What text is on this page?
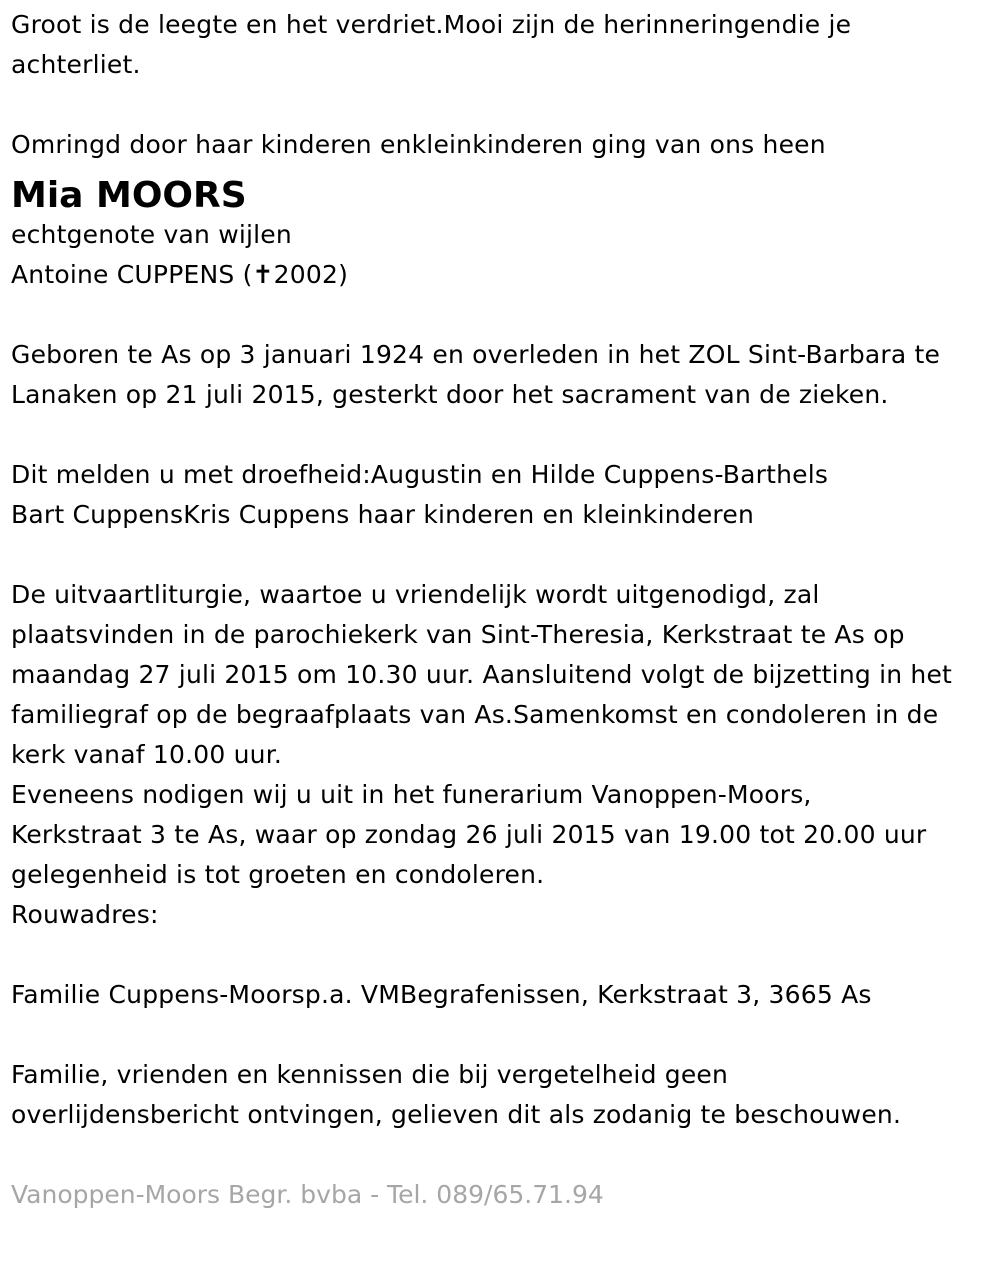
Groot is de leegte en het verdriet.Mooi zijn de herinneringendie je
achterliet.
Omringd door haar kinderen enkleinkinderen ging van ons heen
Mia MOORS
echtgenote van wijlen
Antoine CUPPENS (✝2002)
Geboren te As op 3 januari 1924 en overleden in het ZOL Sint-Barbara te
Lanaken op 21 juli 2015, gesterkt door het sacrament van de zieken.
Dit melden u met droefheid:Augustin en Hilde Cuppens-Barthels
Bart CuppensKris Cuppens haar kinderen en kleinkinderen
De uitvaartliturgie, waartoe u vriendelijk wordt uitgenodigd, zal
plaatsvinden in de parochiekerk van Sint-Theresia, Kerkstraat te As op
maandag 27 juli 2015 om 10.30 uur. Aansluitend volgt de bijzetting in het
familiegraf op de begraafplaats van As.Samenkomst en condoleren in de
kerk vanaf 10.00 uur.
Eveneens nodigen wij u uit in het funerarium Vanoppen-Moors,
Kerkstraat 3 te As, waar op zondag 26 juli 2015 van 19.00 tot 20.00 uur
gelegenheid is tot groeten en condoleren.
Rouwadres:
Familie Cuppens-Moorsp.a. VMBegrafenissen, Kerkstraat 3, 3665 As
Familie, vrienden en kennissen die bij vergetelheid geen
overlijdensbericht ontvingen, gelieven dit als zodanig te beschouwen.
Vanoppen-Moors Begr. bvba - Tel. 089/65.71.94
